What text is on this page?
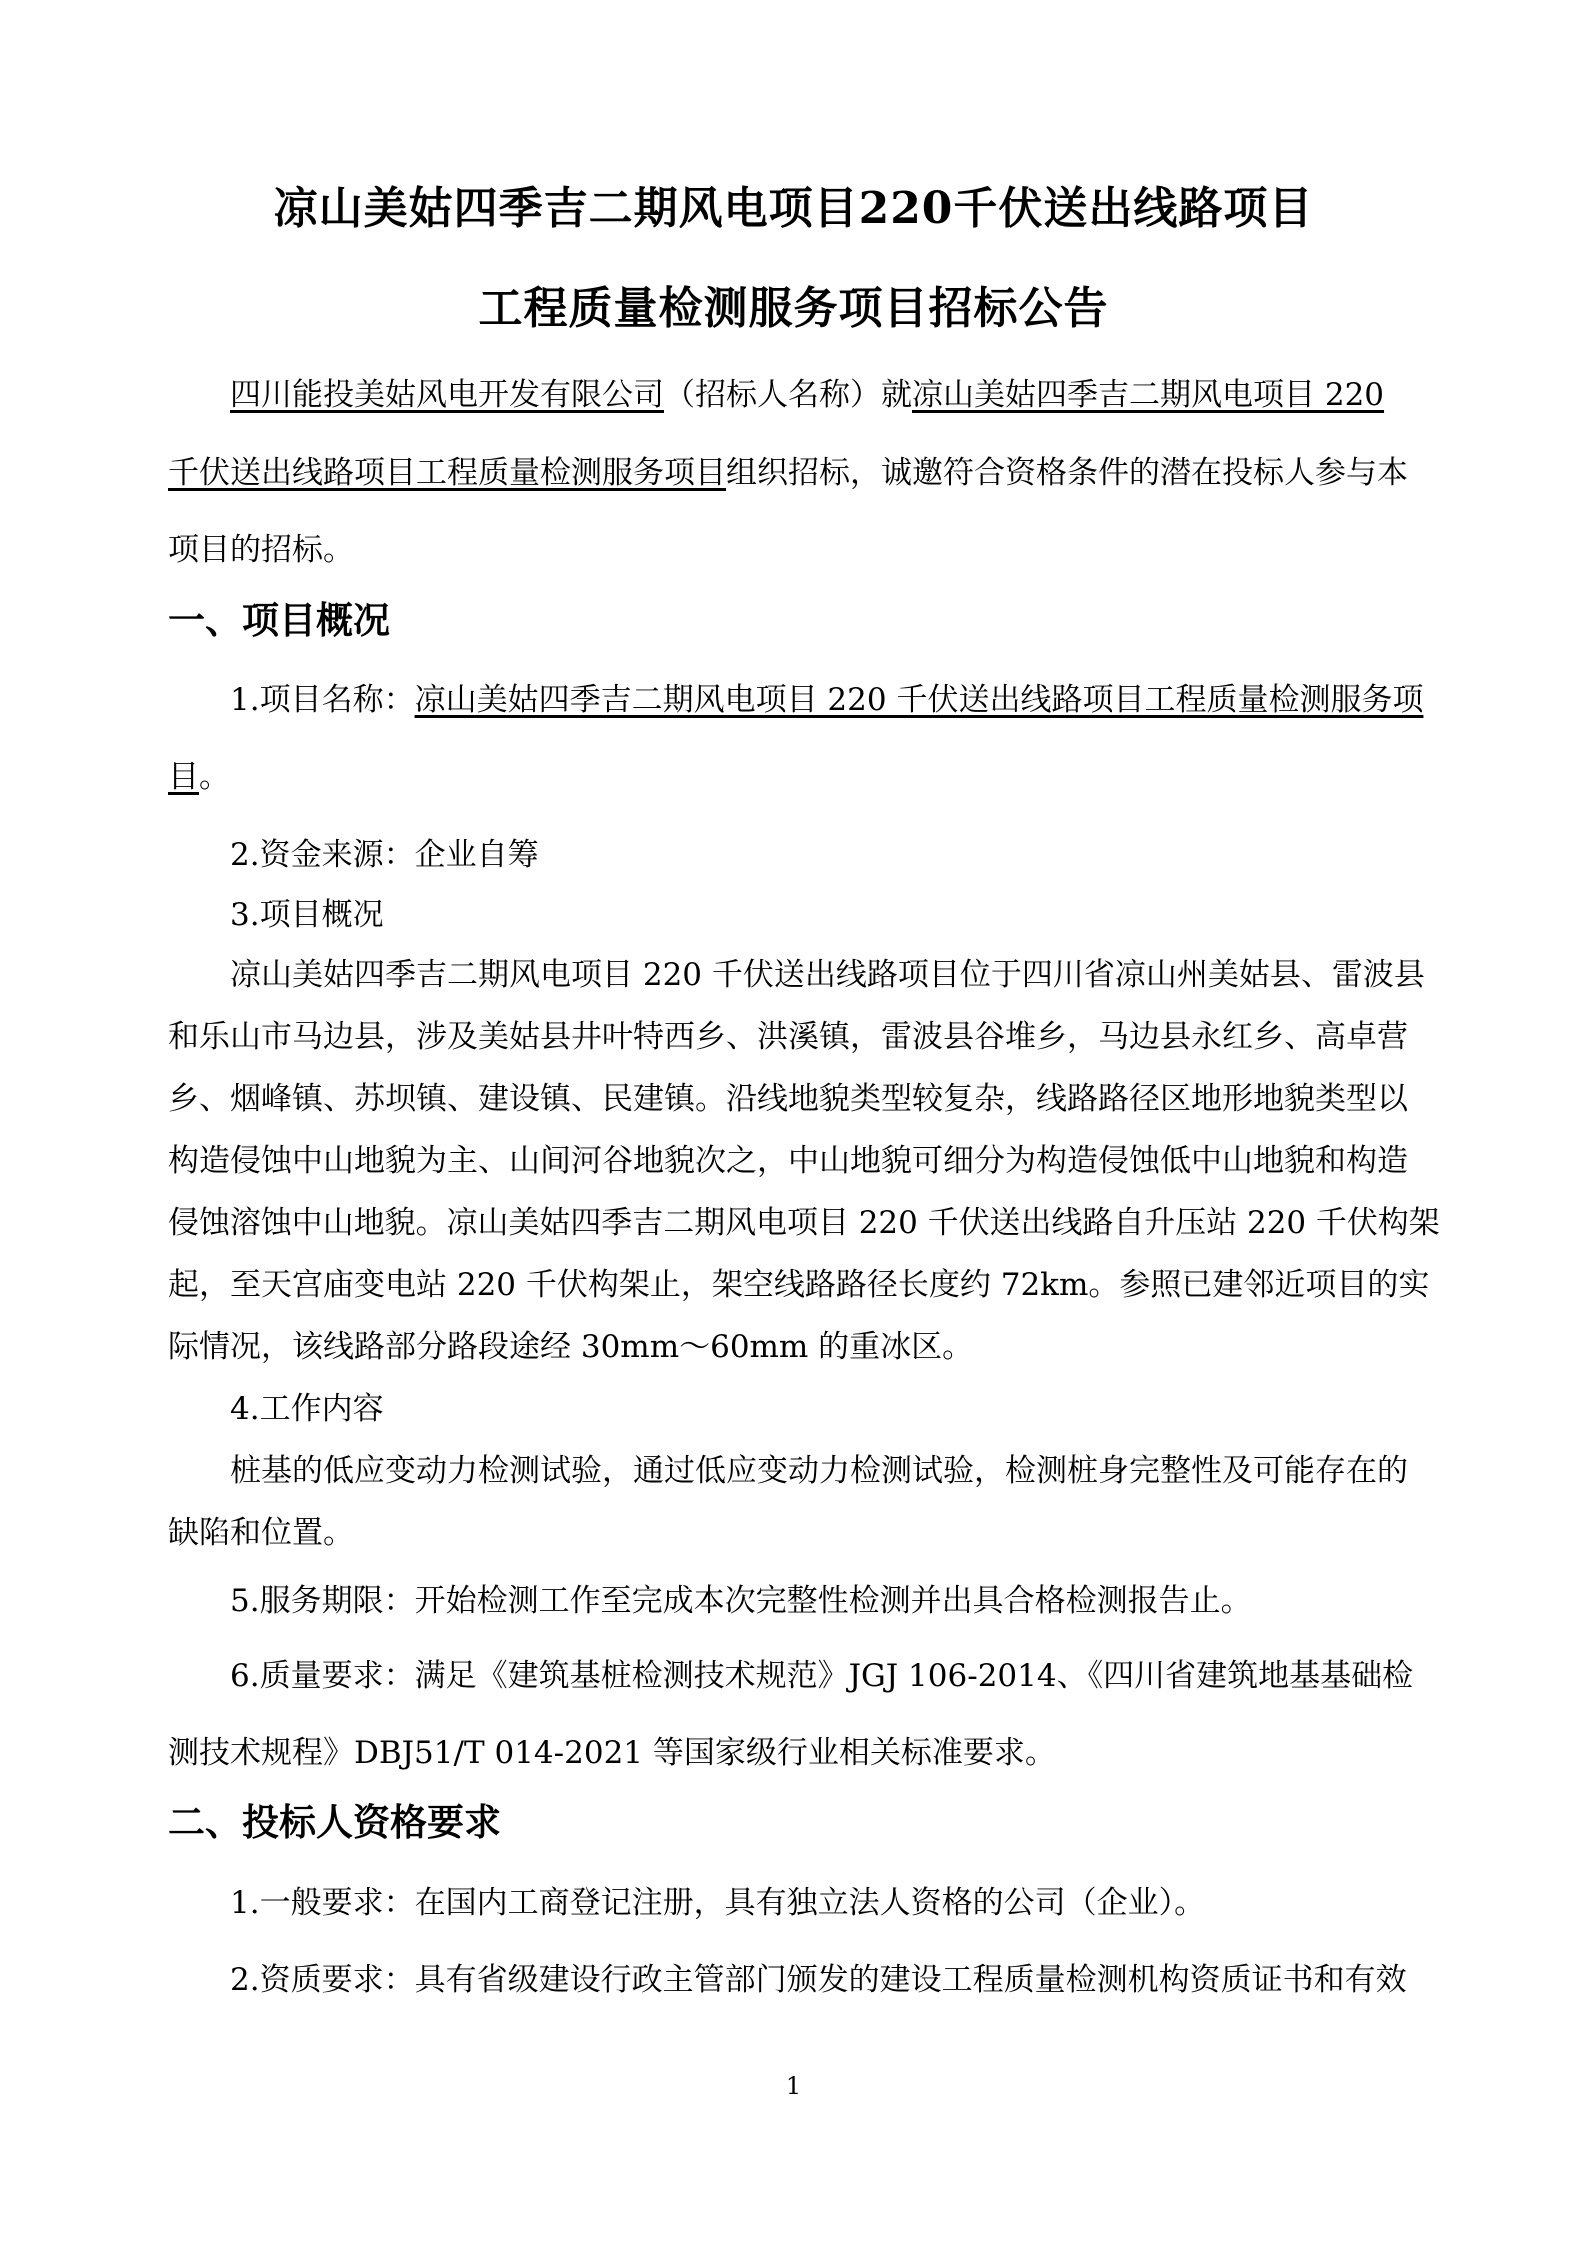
凉山美姑四季吉二期风电项目220千伏送出线路项目
工程质量检测服务项目招标公告
四川能投美姑风电开发有限公司（招标人名称）就凉山美姑四季吉二期风电项目 220
千伏送出线路项目工程质量检测服务项目组织招标，诚邀符合资格条件的潜在投标人参与本
项目的招标。
一、项目概况
1.项目名称：凉山美姑四季吉二期风电项目 220 千伏送出线路项目工程质量检测服务项
目。
2.资金来源：企业自筹
3.项目概况
凉山美姑四季吉二期风电项目 220 千伏送出线路项目位于四川省凉山州美姑县、雷波县
和乐山市马边县，涉及美姑县井叶特西乡、洪溪镇，雷波县谷堆乡，马边县永红乡、高卓营
乡、烟峰镇、苏坝镇、建设镇、民建镇。沿线地貌类型较复杂，线路路径区地形地貌类型以
构造侵蚀中山地貌为主、山间河谷地貌次之，中山地貌可细分为构造侵蚀低中山地貌和构造
侵蚀溶蚀中山地貌。凉山美姑四季吉二期风电项目 220 千伏送出线路自升压站 220 千伏构架
起，至天宫庙变电站 220 千伏构架止，架空线路路径长度约 72km。参照已建邻近项目的实
际情况，该线路部分路段途经 30mm～60mm 的重冰区。
4.工作内容
桩基的低应变动力检测试验，通过低应变动力检测试验，检测桩身完整性及可能存在的
缺陷和位置。
5.服务期限：开始检测工作至完成本次完整性检测并出具合格检测报告止。
6.质量要求：满足《建筑基桩检测技术规范》JGJ 106-2014、《四川省建筑地基基础检
测技术规程》DBJ51/T 014-2021 等国家级行业相关标准要求。
二、投标人资格要求
1.一般要求：在国内工商登记注册，具有独立法人资格的公司（企业）。
2.资质要求：具有省级建设行政主管部门颁发的建设工程质量检测机构资质证书和有效
1
